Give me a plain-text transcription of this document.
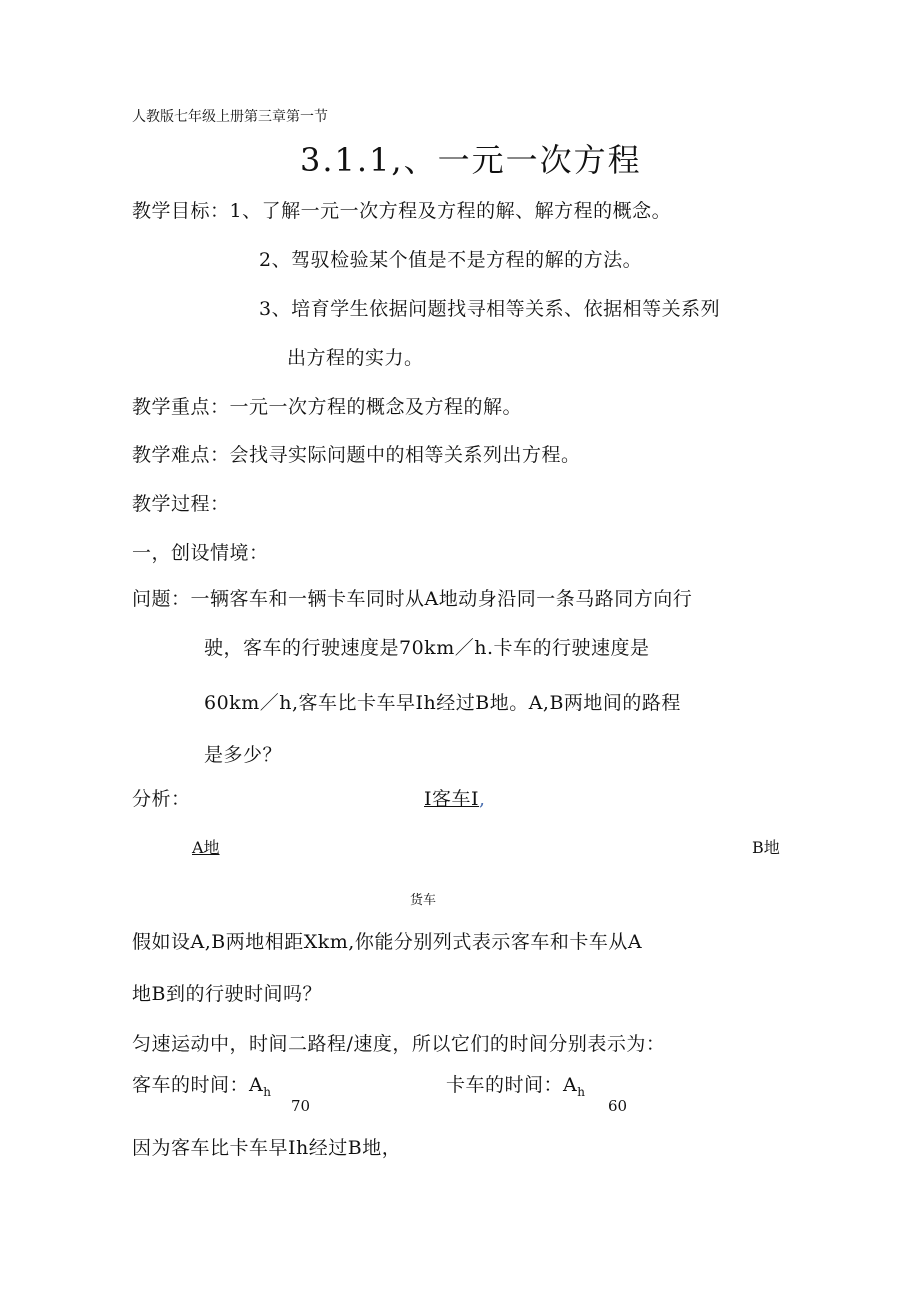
人教版七年级上册第三章第一节
3.1.1,、一元一次方程
教学目标：1、了解一元一次方程及方程的解、解方程的概念。
2、驾驭检验某个值是不是方程的解的方法。
3、培育学生依据问题找寻相等关系、依据相等关系列
出方程的实力。
教学重点：一元一次方程的概念及方程的解。
教学难点：会找寻实际问题中的相等关系列出方程。
教学过程：
一，创设情境：
问题：一辆客车和一辆卡车同时从A地动身沿同一条马路同方向行
驶，客车的行驶速度是70km／h.卡车的行驶速度是
60km／h,客车比卡车早Ih经过B地。A,B两地间的路程
是多少？
分析：	I客车I,
A地	B地
货车
假如设A,B两地相距Xkm,你能分别列式表示客车和卡车从A
地B到的行驶时间吗？
匀速运动中，时间二路程/速度，所以它们的时间分别表示为：
客车的时间：$A_h$
70
卡车的时间：$A_h$
60
因为客车比卡车早Ih经过B地，
